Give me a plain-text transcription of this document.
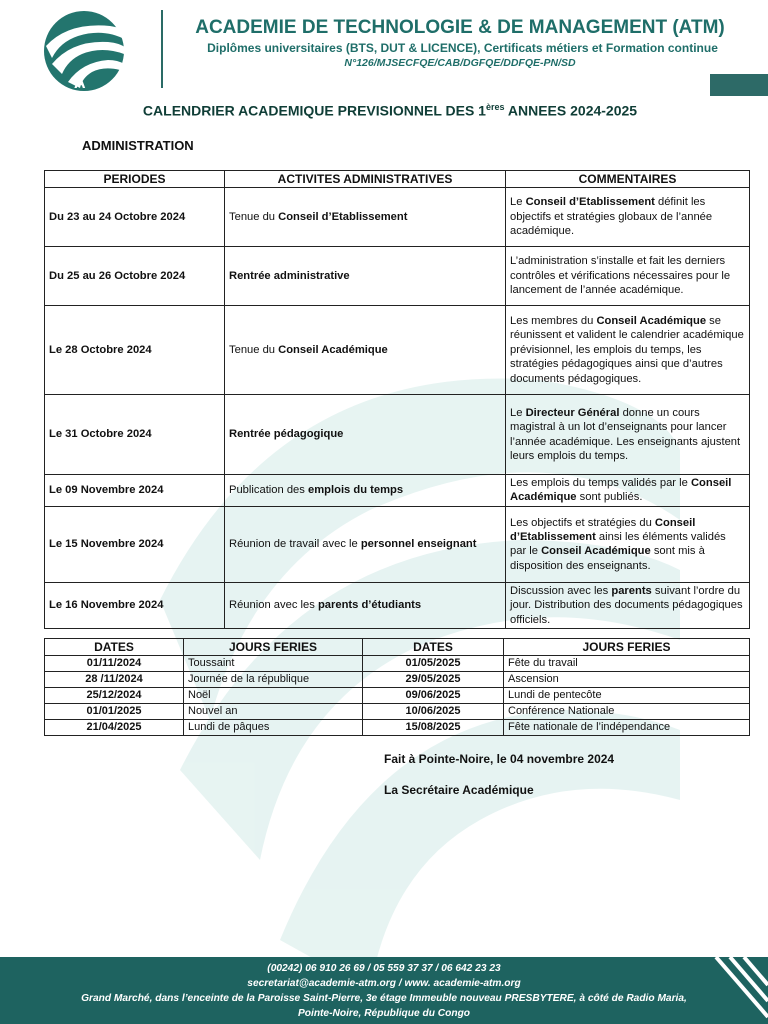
A
ACADEMIE DE TECHNOLOGIE & DE MANAGEMENT (ATM)
Diplômes universitaires (BTS, DUT & LICENCE), Certificats métiers et Formation continue
N°126/MJSECFQE/CAB/DGFQE/DDFQE-PN/SD
CALENDRIER ACADEMIQUE PREVISIONNEL DES 1ères ANNEES 2024-2025
ADMINISTRATION
PERIODES	ACTIVITES ADMINISTRATIVES	COMMENTAIRES
Du 23 au 24 Octobre 2024	Tenue du Conseil d’Etablissement	Le Conseil d’Etablissement définit les objectifs et stratégies globaux de l’année académique.
Du 25 au 26 Octobre 2024	Rentrée administrative	L’administration s’installe et fait les derniers contrôles et vérifications nécessaires pour le lancement de l’année académique.
Le 28 Octobre 2024	Tenue du Conseil Académique	Les membres du Conseil Académique se réunissent et valident le calendrier académique prévisionnel, les emplois du temps, les stratégies pédagogiques ainsi que d’autres documents pédagogiques.
Le 31 Octobre 2024	Rentrée pédagogique	Le Directeur Général donne un cours magistral à un lot d’enseignants pour lancer l’année académique. Les enseignants ajustent leurs emplois du temps.
Le 09 Novembre 2024	Publication des emplois du temps	Les emplois du temps validés par le Conseil Académique sont publiés.
Le 15 Novembre 2024	Réunion de travail avec le personnel enseignant	Les objectifs et stratégies du Conseil d’Etablissement ainsi les éléments validés par le Conseil Académique sont mis à disposition des enseignants.
Le 16 Novembre 2024	Réunion avec les parents d’étudiants	Discussion avec les parents suivant l’ordre du jour. Distribution des documents pédagogiques officiels.
DATES	JOURS FERIES	DATES	JOURS FERIES
01/11/2024	Toussaint	01/05/2025	Fête du travail
28 /11/2024	Journée de la république	29/05/2025	Ascension
25/12/2024	Noël	09/06/2025	Lundi de pentecôte
01/01/2025	Nouvel an	10/06/2025	Conférence Nationale
21/04/2025	Lundi de pâques	15/08/2025	Fête nationale de l’indépendance
Fait à Pointe-Noire, le 04 novembre 2024
La Secrétaire Académique
(00242) 06 910 26 69 / 05 559 37 37 / 06 642 23 23
secretariat@academie-atm.org / www. academie-atm.org
Grand Marché, dans l’enceinte de la Paroisse Saint-Pierre, 3e étage Immeuble nouveau PRESBYTERE, à côté de Radio Maria,
Pointe-Noire, République du Congo
